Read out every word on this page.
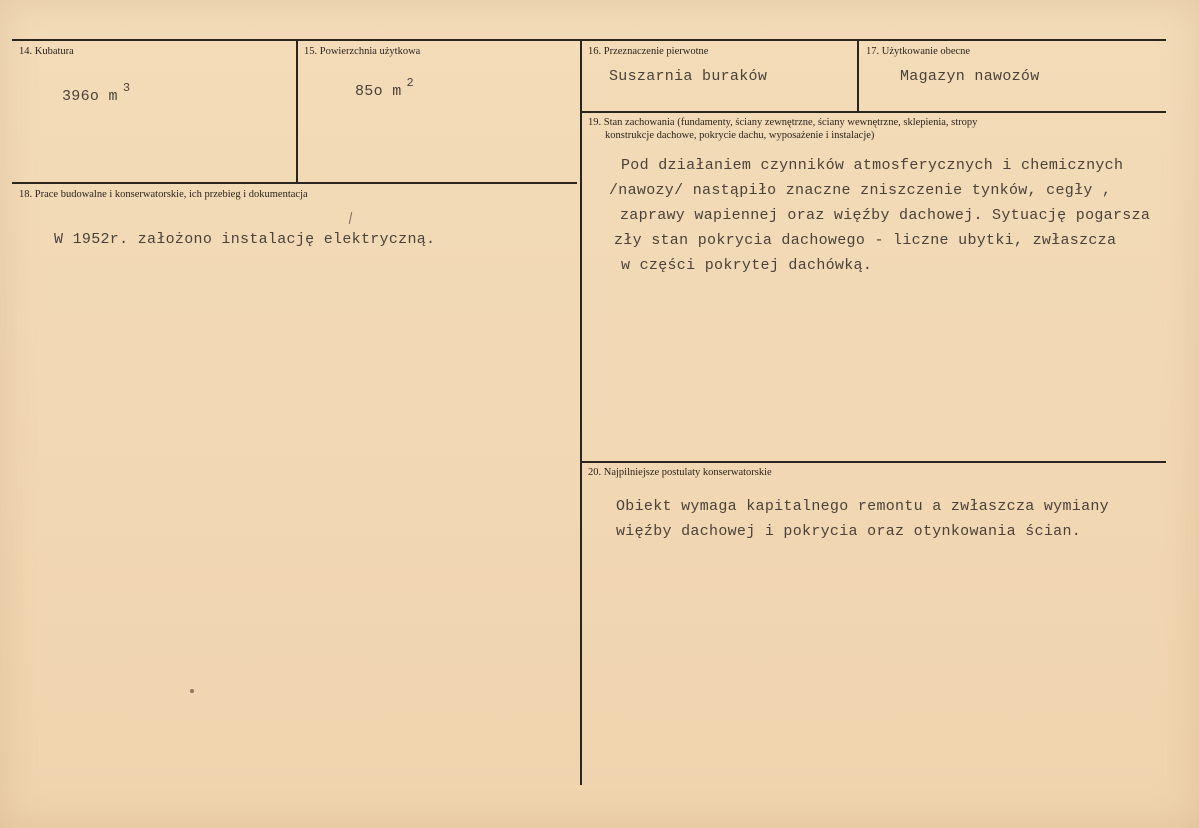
14. Kubatura
396o m $^3$
15. Powierzchnia użytkowa
85o m $^2$
16. Przeznaczenie pierwotne
Suszarnia buraków
17. Użytkowanie obecne
Magazyn nawozów
18. Prace budowalne i konserwatorskie, ich przebieg i dokumentacja
W 1952r. założono instalację elektryczną.
19. Stan zachowania (fundamenty, ściany zewnętrzne, ściany wewnętrzne, sklepienia, stropy
konstrukcje dachowe, pokrycie dachu, wyposażenie i instalacje)
Pod działaniem czynników atmosferycznych i chemicznych
/nawozy/ nastąpiło znaczne zniszczenie tynków, cegły ,
zaprawy wapiennej oraz więźby dachowej. Sytuację pogarsza
zły stan pokrycia dachowego - liczne ubytki, zwłaszcza
w części pokrytej dachówką.
20. Najpilniejsze postulaty konserwatorskie
Obiekt wymaga kapitalnego remontu a zwłaszcza wymiany
więźby dachowej i pokrycia oraz otynkowania ścian.
